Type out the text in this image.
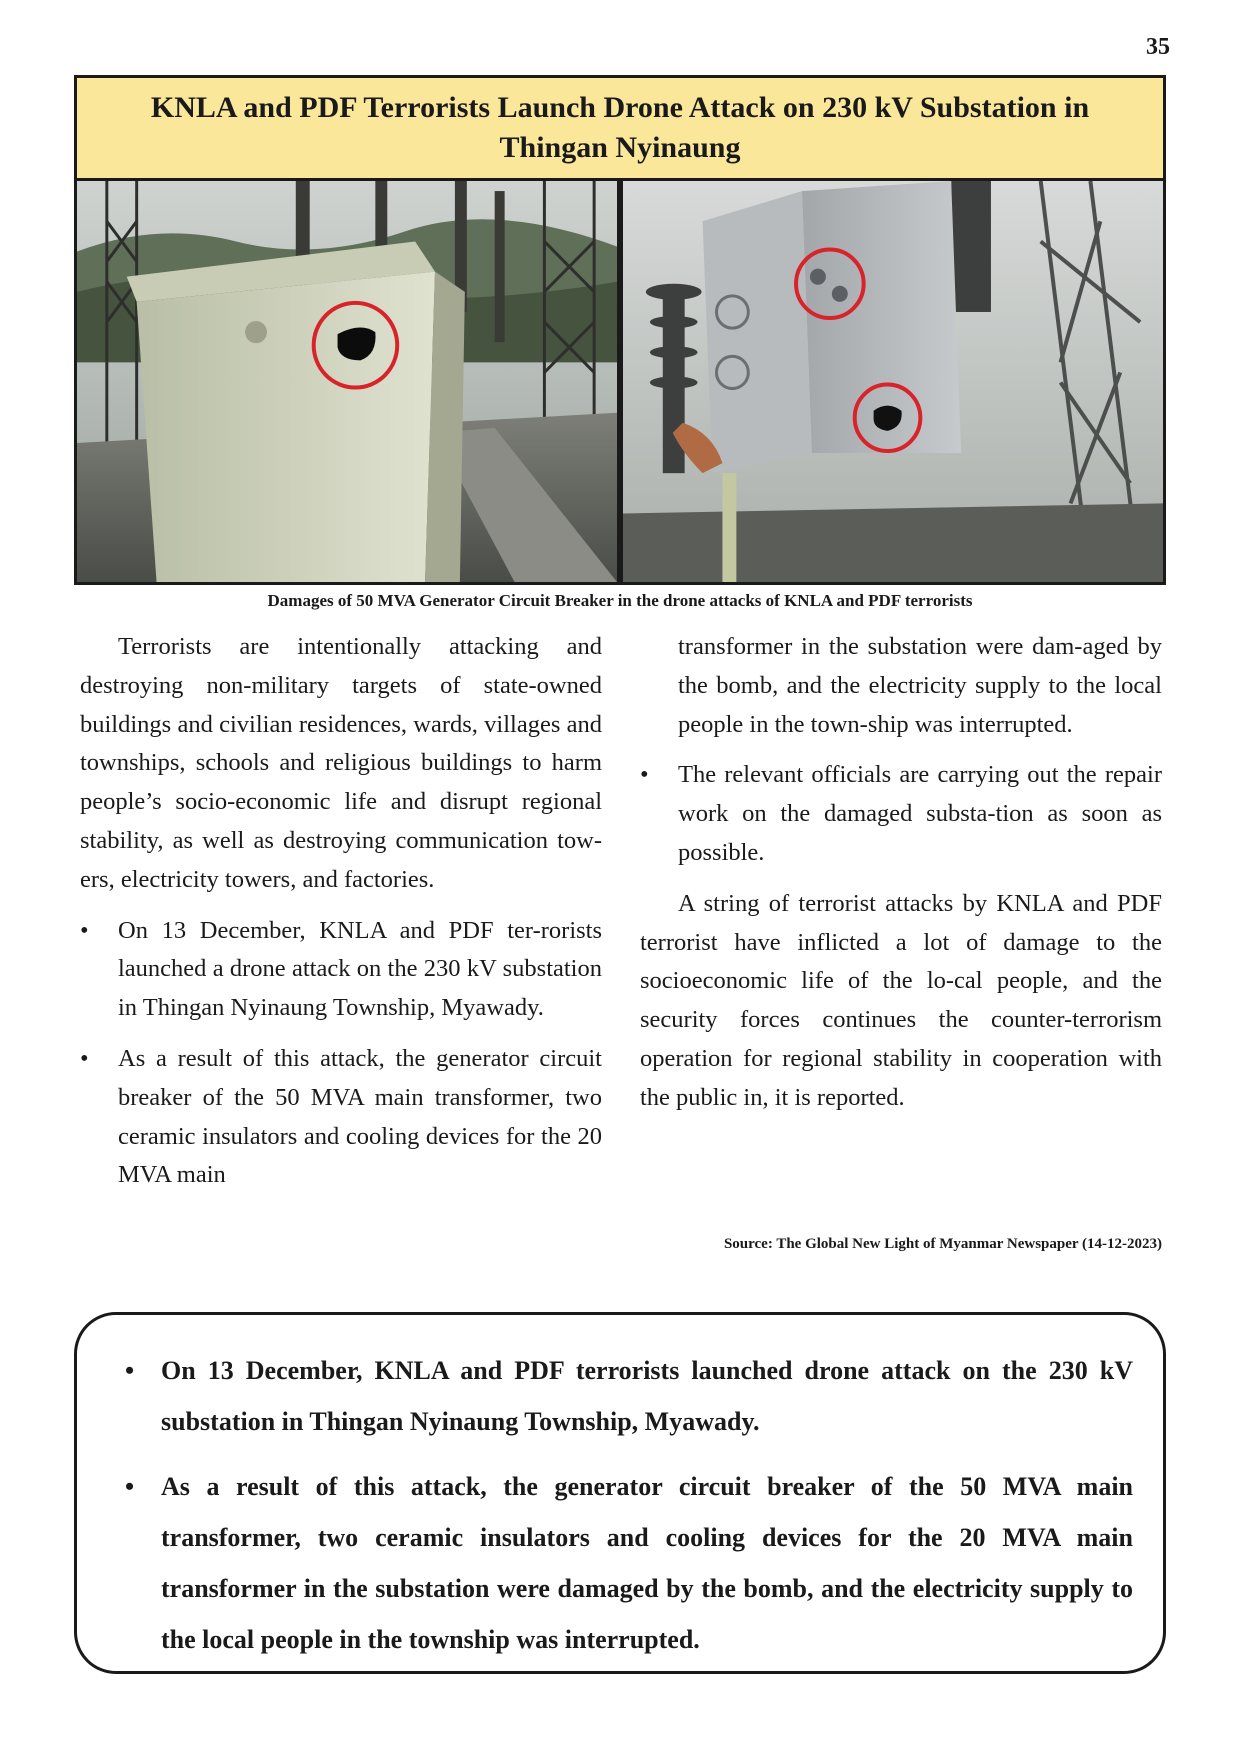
35
KNLA and PDF Terrorists Launch Drone Attack on 230 kV Substation in Thingan Nyinaung
Damages of 50 MVA Generator Circuit Breaker in the drone attacks of KNLA and PDF terrorists

Terrorists are intentionally attacking and destroying non-military targets of state-owned buildings and civilian residences, wards, villages and townships, schools and religious buildings to harm people’s socio-economic life and disrupt regional stability, as well as destroying communication tow-ers, electricity towers, and factories.

• On 13 December, KNLA and PDF ter-rorists launched a drone attack on the 230 kV substation in Thingan Nyinaung Township, Myawady.
• As a result of this attack, the generator circuit breaker of the 50 MVA main transformer, two ceramic insulators and cooling devices for the 20 MVA main

transformer in the substation were dam-aged by the bomb, and the electricity supply to the local people in the town-ship was interrupted.

• The relevant officials are carrying out the repair work on the damaged substa-tion as soon as possible.

A string of terrorist attacks by KNLA and PDF terrorist have inflicted a lot of damage to the socioeconomic life of the lo-cal people, and the security forces continues the counter-terrorism operation for regional stability in cooperation with the public in, it is reported.

Source: The Global New Light of Myanmar Newspaper (14-12-2023)
• On 13 December, KNLA and PDF terrorists launched drone attack on the 230 kV substation in Thingan Nyinaung Township, Myawady.
• As a result of this attack, the generator circuit breaker of the 50 MVA main transformer, two ceramic insulators and cooling devices for the 20 MVA main transformer in the substation were damaged by the bomb, and the electricity supply to the local people in the township was interrupted.
